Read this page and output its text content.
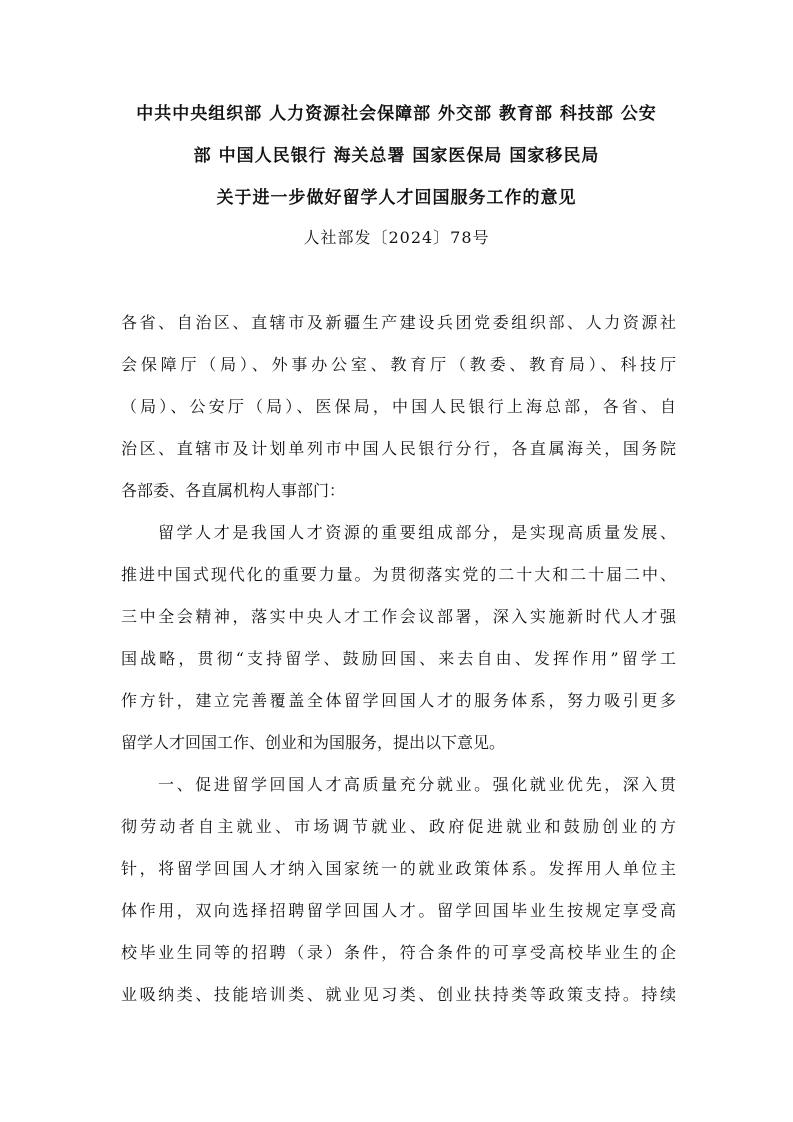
中共中央组织部 人力资源社会保障部 外交部 教育部 科技部 公安
部 中国人民银行 海关总署 国家医保局 国家移民局
关于进一步做好留学人才回国服务工作的意见
人社部发〔2024〕78号
各省、自治区、直辖市及新疆生产建设兵团党委组织部、人力资源社
会保障厅（局）、外事办公室、教育厅（教委、教育局）、科技厅
（局）、公安厅（局）、医保局，中国人民银行上海总部，各省、自
治区、直辖市及计划单列市中国人民银行分行，各直属海关，国务院
各部委、各直属机构人事部门：
留学人才是我国人才资源的重要组成部分，是实现高质量发展、
推进中国式现代化的重要力量。为贯彻落实党的二十大和二十届二中、
三中全会精神，落实中央人才工作会议部署，深入实施新时代人才强
国战略，贯彻“支持留学、鼓励回国、来去自由、发挥作用”留学工
作方针，建立完善覆盖全体留学回国人才的服务体系，努力吸引更多
留学人才回国工作、创业和为国服务，提出以下意见。
一、促进留学回国人才高质量充分就业。强化就业优先，深入贯
彻劳动者自主就业、市场调节就业、政府促进就业和鼓励创业的方
针，将留学回国人才纳入国家统一的就业政策体系。发挥用人单位主
体作用，双向选择招聘留学回国人才。留学回国毕业生按规定享受高
校毕业生同等的招聘（录）条件，符合条件的可享受高校毕业生的企
业吸纳类、技能培训类、就业见习类、创业扶持类等政策支持。持续
